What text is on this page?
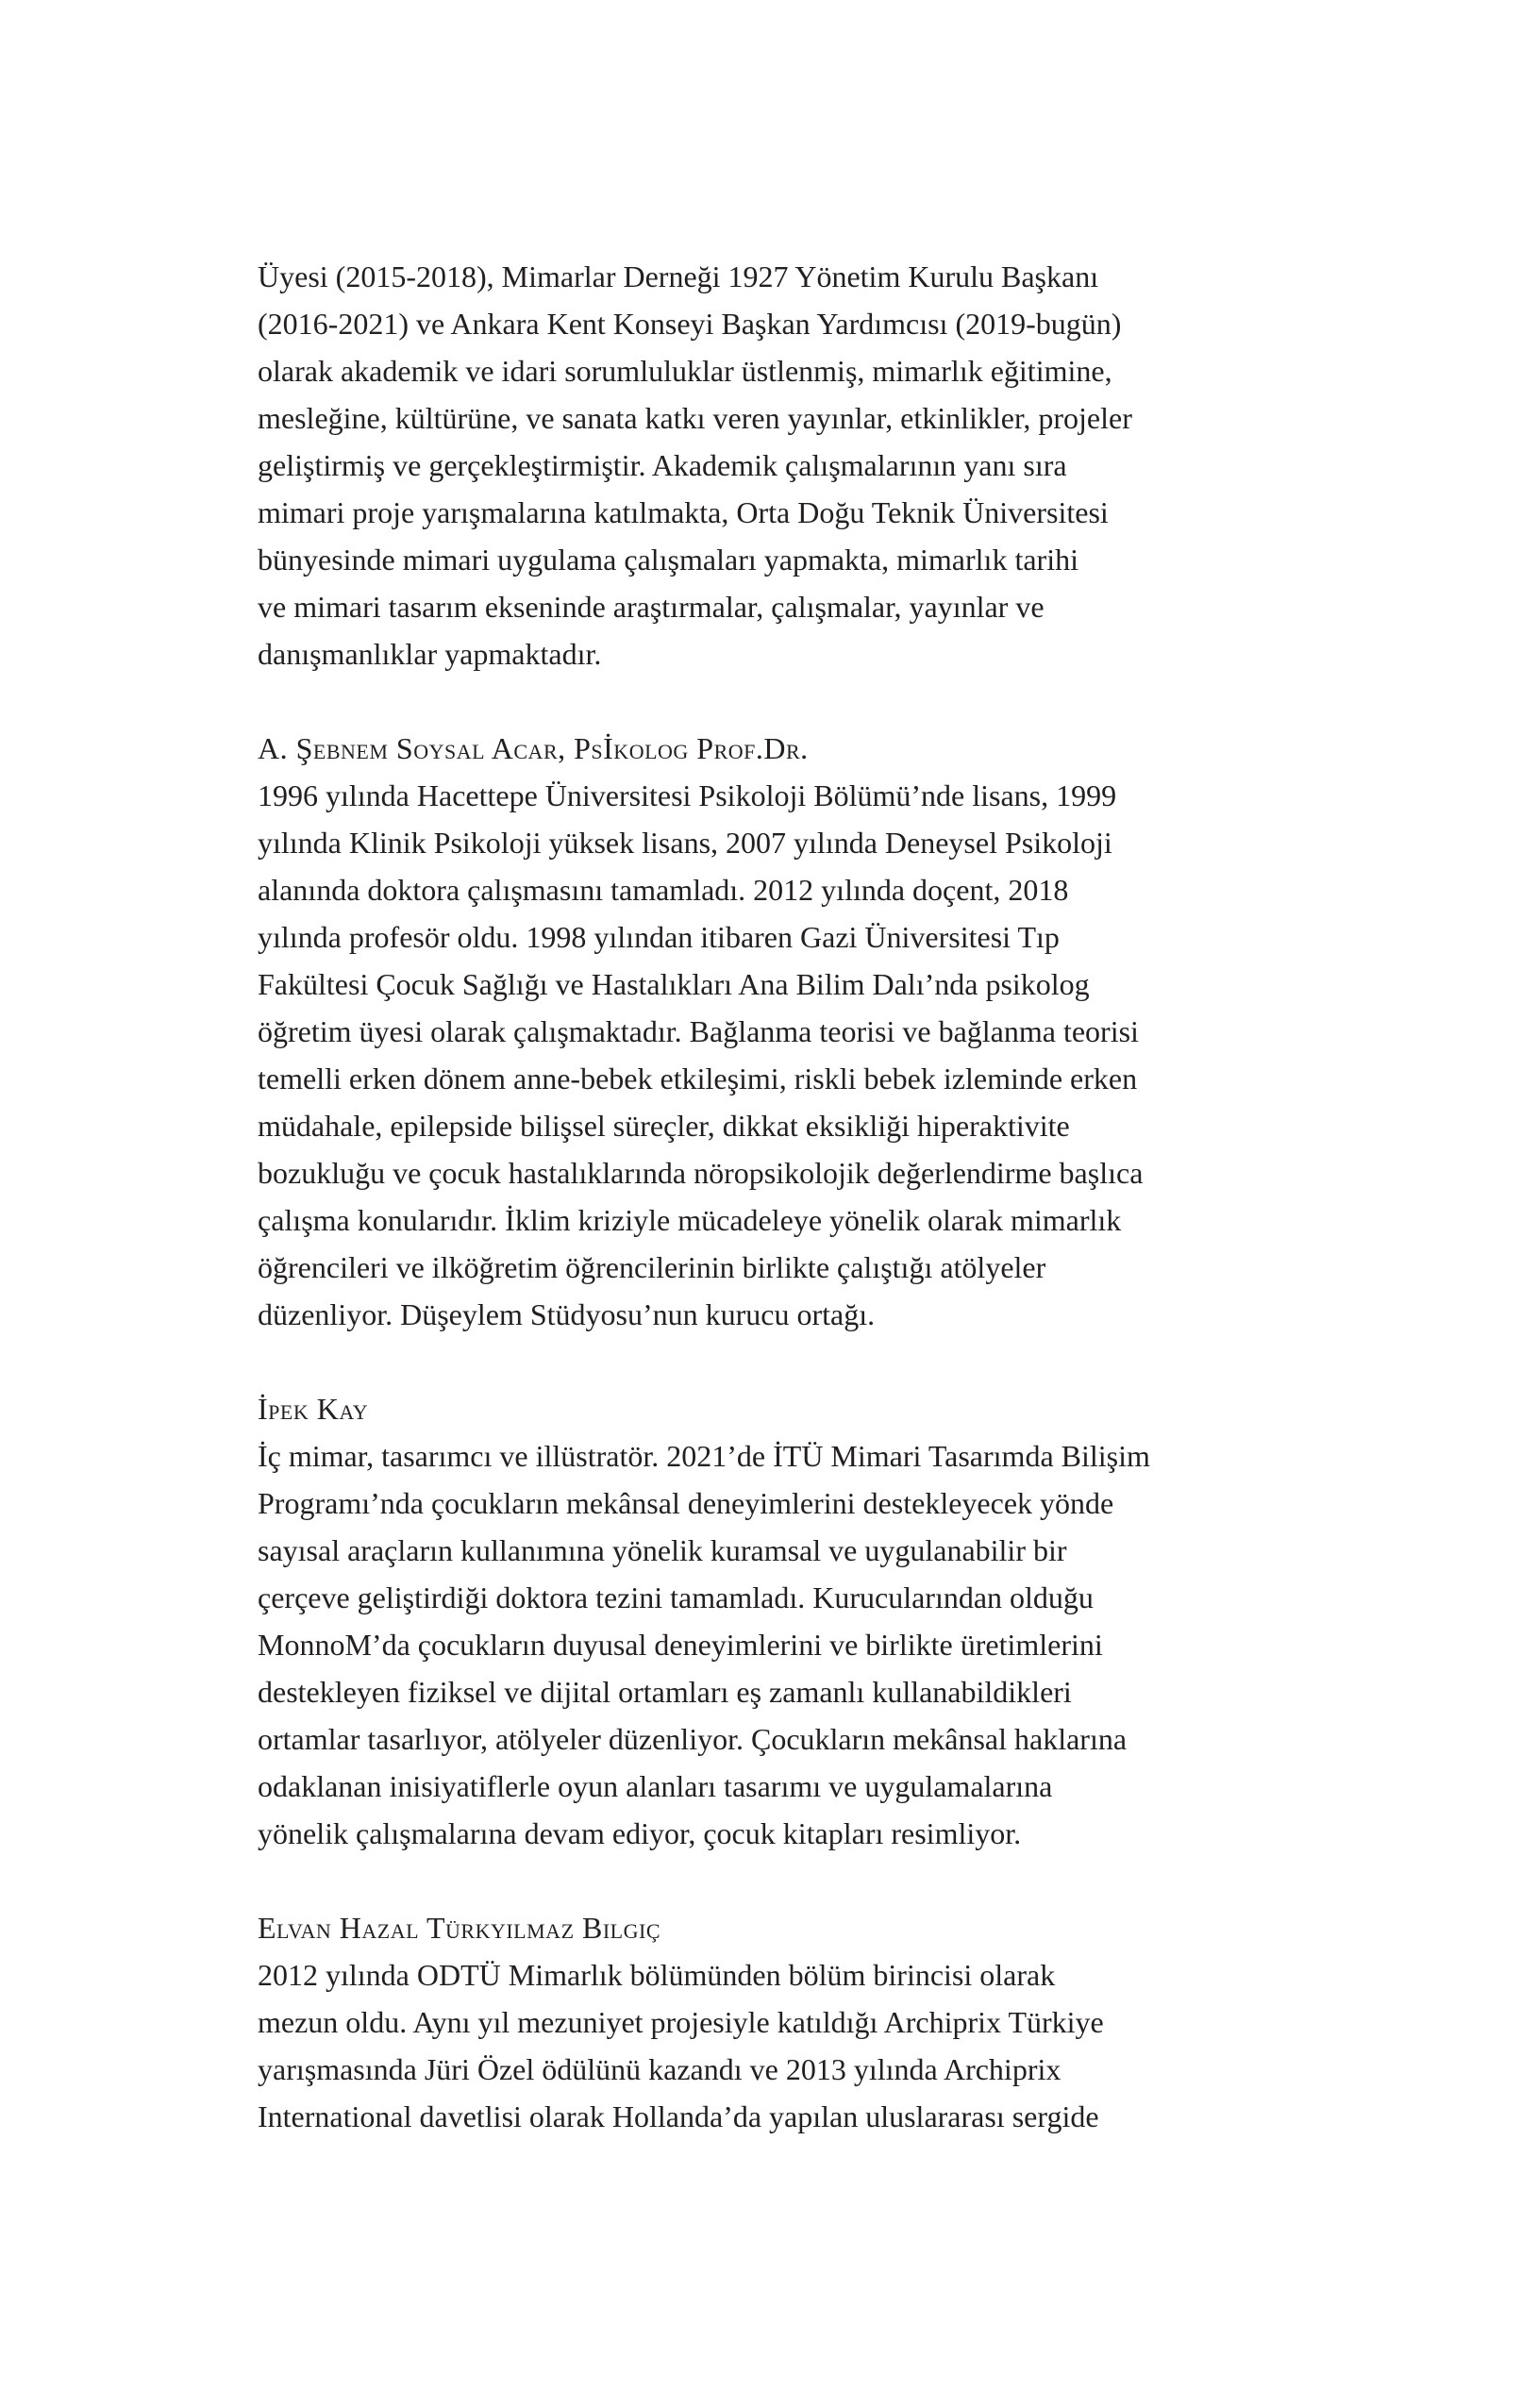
Üyesi (2015-2018), Mimarlar Derneği 1927 Yönetim Kurulu Başkanı
(2016-2021) ve Ankara Kent Konseyi Başkan Yardımcısı (2019-bugün)
olarak akademik ve idari sorumluluklar üstlenmiş, mimarlık eğitimine,
mesleğine, kültürüne, ve sanata katkı veren yayınlar, etkinlikler, projeler
geliştirmiş ve gerçekleştirmiştir. Akademik çalışmalarının yanı sıra
mimari proje yarışmalarına katılmakta, Orta Doğu Teknik Üniversitesi
bünyesinde mimari uygulama çalışmaları yapmakta, mimarlık tarihi
ve mimari tasarım ekseninde araştırmalar, çalışmalar, yayınlar ve
danışmanlıklar yapmaktadır.
A. Şebnem Soysal Acar, Psİkolog Prof.Dr.
1996 yılında Hacettepe Üniversitesi Psikoloji Bölümü’nde lisans, 1999
yılında Klinik Psikoloji yüksek lisans, 2007 yılında Deneysel Psikoloji
alanında doktora çalışmasını tamamladı. 2012 yılında doçent, 2018
yılında profesör oldu. 1998 yılından itibaren Gazi Üniversitesi Tıp
Fakültesi Çocuk Sağlığı ve Hastalıkları Ana Bilim Dalı’nda psikolog
öğretim üyesi olarak çalışmaktadır. Bağlanma teorisi ve bağlanma teorisi
temelli erken dönem anne-bebek etkileşimi, riskli bebek izleminde erken
müdahale, epilepside bilişsel süreçler, dikkat eksikliği hiperaktivite
bozukluğu ve çocuk hastalıklarında nöropsikolojik değerlendirme başlıca
çalışma konularıdır. İklim kriziyle mücadeleye yönelik olarak mimarlık
öğrencileri ve ilköğretim öğrencilerinin birlikte çalıştığı atölyeler
düzenliyor. Düşeylem Stüdyosu’nun kurucu ortağı.
İpek Kay
İç mimar, tasarımcı ve illüstratör. 2021’de İTÜ Mimari Tasarımda Bilişim
Programı’nda çocukların mekânsal deneyimlerini destekleyecek yönde
sayısal araçların kullanımına yönelik kuramsal ve uygulanabilir bir
çerçeve geliştirdiği doktora tezini tamamladı. Kurucularından olduğu
MonnoM’da çocukların duyusal deneyimlerini ve birlikte üretimlerini
destekleyen fiziksel ve dijital ortamları eş zamanlı kullanabildikleri
ortamlar tasarlıyor, atölyeler düzenliyor. Çocukların mekânsal haklarına
odaklanan inisiyatiflerle oyun alanları tasarımı ve uygulamalarına
yönelik çalışmalarına devam ediyor, çocuk kitapları resimliyor.
Elvan Hazal Türkyılmaz Bilgiç
2012 yılında ODTÜ Mimarlık bölümünden bölüm birincisi olarak
mezun oldu. Aynı yıl mezuniyet projesiyle katıldığı Archiprix Türkiye
yarışmasında Jüri Özel ödülünü kazandı ve 2013 yılında Archiprix
International davetlisi olarak Hollanda’da yapılan uluslararası sergide
